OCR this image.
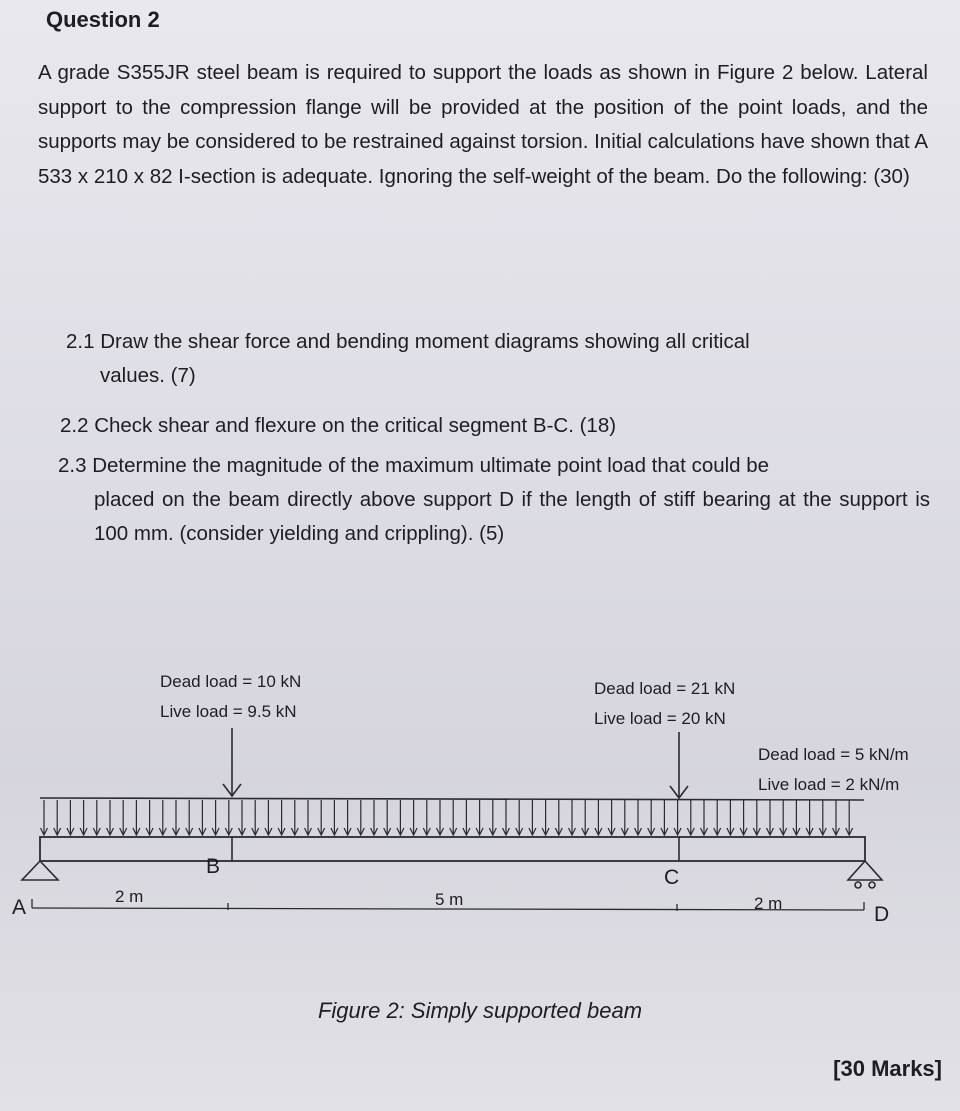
Question 2
A grade S355JR steel beam is required to support the loads as shown in Figure 2 below. Lateral support to the compression flange will be provided at the position of the point loads, and the supports may be considered to be restrained against torsion. Initial calculations have shown that A 533 x 210 x 82 I-section is adequate. Ignoring the self-weight of the beam. Do the following: (30)
2.1 Draw the shear force and bending moment diagrams showing all critical
values. (7)
2.2 Check shear and flexure on the critical segment B-C. (18)
2.3 Determine the magnitude of the maximum ultimate point load that could be
placed on the beam directly above support D if the length of stiff bearing at the support is 100 mm. (consider yielding and crippling). (5)
Dead load = 10 kN
Live load = 9.5 kN
Dead load = 21 kN
Live load = 20 kN
Dead load = 5 kN/m
Live load = 2 kN/m
A
B	C
D
2 m	5 m	2 m
Figure 2: Simply supported beam
[30 Marks]
